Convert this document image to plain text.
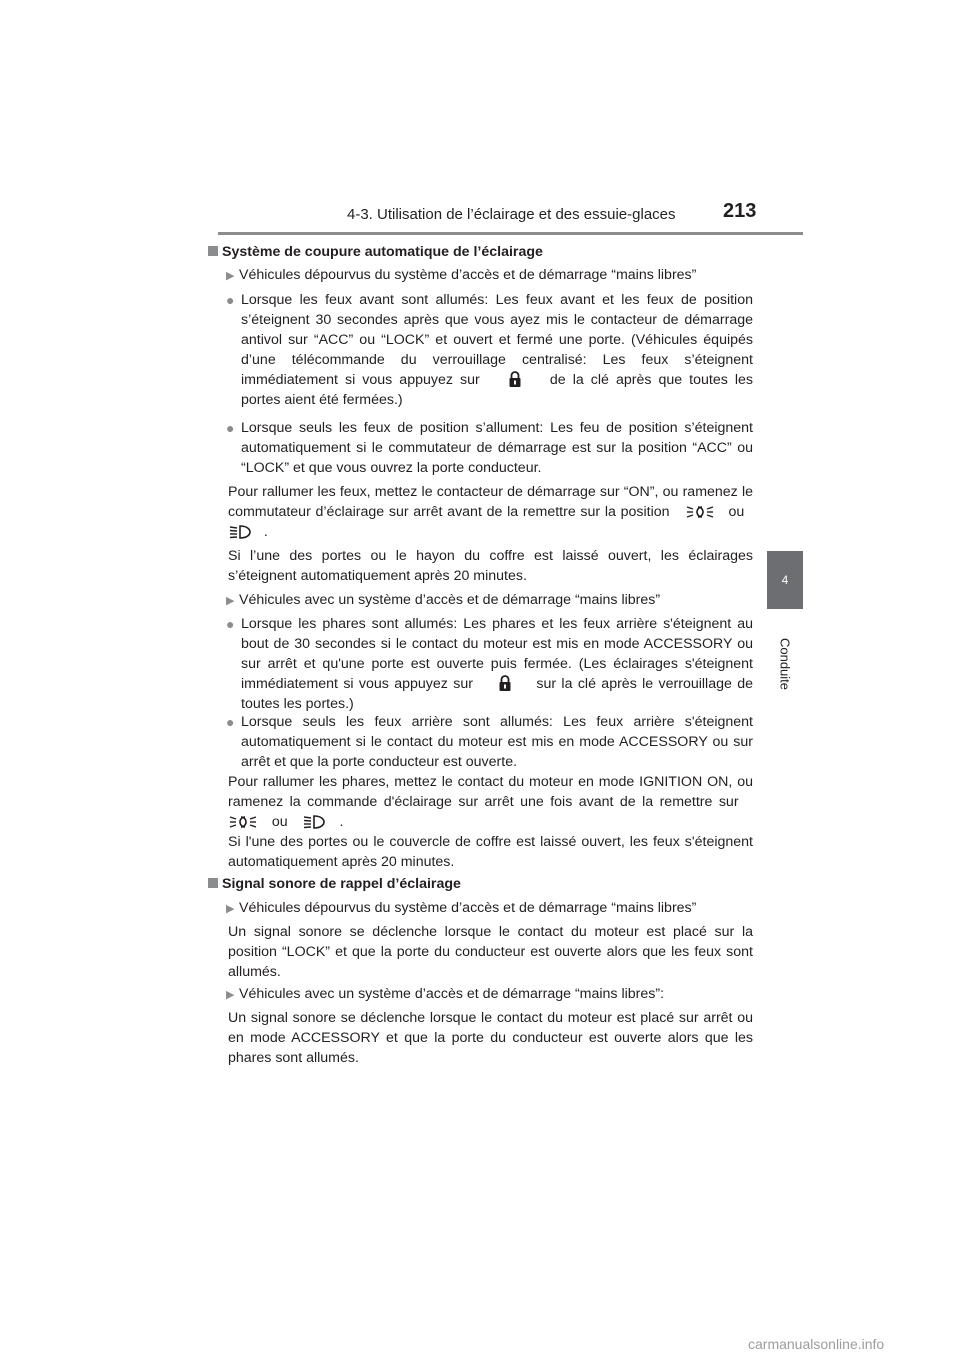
4-3. Utilisation de l’éclairage et des essuie-glaces 213
4
Conduite
Système de coupure automatique de l’éclairage
▶ Véhicules dépourvus du système d’accès et de démarrage “mains libres”
● Lorsque les feux avant sont allumés: Les feux avant et les feux de position s’éteignent 30 secondes après que vous ayez mis le contacteur de démarrage antivol sur “ACC” ou “LOCK” et ouvert et fermé une porte. (Véhicules équipés d’une télécommande du verrouillage centralisé: Les feux s’éteignent immédiatement si vous appuyez sur	de la clé après que toutes les portes aient été fermées.)
● Lorsque seuls les feux de position s’allument: Les feu de position s’éteignent automatiquement si le commutateur de démarrage est sur la position “ACC” ou “LOCK” et que vous ouvrez la porte conducteur.
Pour rallumer les feux, mettez le contacteur de démarrage sur “ON”, ou ramenez le commutateur d’éclairage sur arrêt avant de la remettre sur la position	ou    .
Si l’une des portes ou le hayon du coffre est laissé ouvert, les éclairages s’éteignent automatiquement après 20 minutes.
▶ Véhicules avec un système d’accès et de démarrage “mains libres”
● Lorsque les phares sont allumés: Les phares et les feux arrière s'éteignent au bout de 30 secondes si le contact du moteur est mis en mode ACCESSORY ou sur arrêt et qu'une porte est ouverte puis fermée. (Les éclairages s'éteignent immédiatement si vous appuyez sur	sur la clé après le verrouillage de toutes les portes.)
● Lorsque seuls les feux arrière sont allumés: Les feux arrière s'éteignent automatiquement si le contact du moteur est mis en mode ACCESSORY ou sur arrêt et que la porte conducteur est ouverte.
Pour rallumer les phares, mettez le contact du moteur en mode IGNITION ON, ou ramenez la commande d'éclairage sur arrêt une fois avant de la remettre sur    ou	.
Si l'une des portes ou le couvercle de coffre est laissé ouvert, les feux s'éteignent automatiquement après 20 minutes.
Signal sonore de rappel d’éclairage
▶ Véhicules dépourvus du système d’accès et de démarrage “mains libres”
Un signal sonore se déclenche lorsque le contact du moteur est placé sur la position “LOCK” et que la porte du conducteur est ouverte alors que les feux sont allumés.
▶ Véhicules avec un système d’accès et de démarrage “mains libres”:
Un signal sonore se déclenche lorsque le contact du moteur est placé sur arrêt ou en mode ACCESSORY et que la porte du conducteur est ouverte alors que les phares sont allumés.
carmanualsonline.info
